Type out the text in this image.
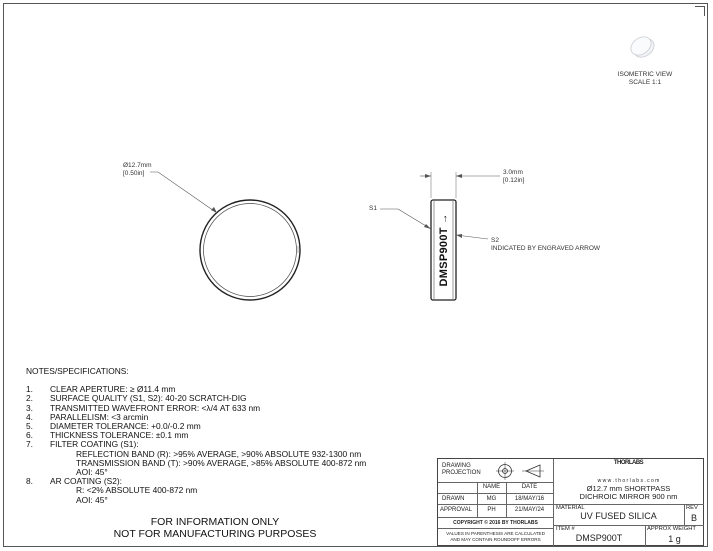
ISOMETRIC VIEW
SCALE 1:1
Ø12.7mm
[0.50in]	3.0mm
[0.12in]
S1
S2
INDICATED BY ENGRAVED ARROW
DMSP900T →
NOTES/SPECIFICATIONS:
1.	CLEAR APERTURE: ≥ Ø11.4 mm
2.	SURFACE QUALITY (S1, S2): 40-20 SCRATCH-DIG
3.	TRANSMITTED WAVEFRONT ERROR: <λ/4 AT 633 nm
4.	PARALLELISM: <3 arcmin
5.	DIAMETER TOLERANCE: +0.0/-0.2 mm
6.	THICKNESS TOLERANCE: ±0.1 mm
7.	FILTER COATING (S1):
REFLECTION BAND (R): >95% AVERAGE, >90% ABSOLUTE 932-1300 nm
TRANSMISSION BAND (T): >90% AVERAGE, >85% ABSOLUTE 400-872 nm
AOI: 45°
8.	AR COATING (S2):
R: <2% ABSOLUTE 400-872 nm
AOI: 45°
FOR INFORMATION ONLY
NOT FOR MANUFACTURING PURPOSES
DRAWING PROJECTION
NAME	DATE
DRAWN	MG	18/MAY/16
APPROVAL	PH	21/MAY/24
COPYRIGHT © 2016 BY THORLABS
VALUES IN PARENTHESIS ARE CALCULATED
AND MAY CONTAIN ROUNDOFF ERRORS
THORLABS
w w w . t h o r l a b s . c o m
Ø12.7 mm SHORTPASS
DICHROIC MIRROR 900 nm
MATERIAL
UV FUSED SILICA
REV
B
ITEM #
DMSP900T
APPROX WEIGHT
1 g
